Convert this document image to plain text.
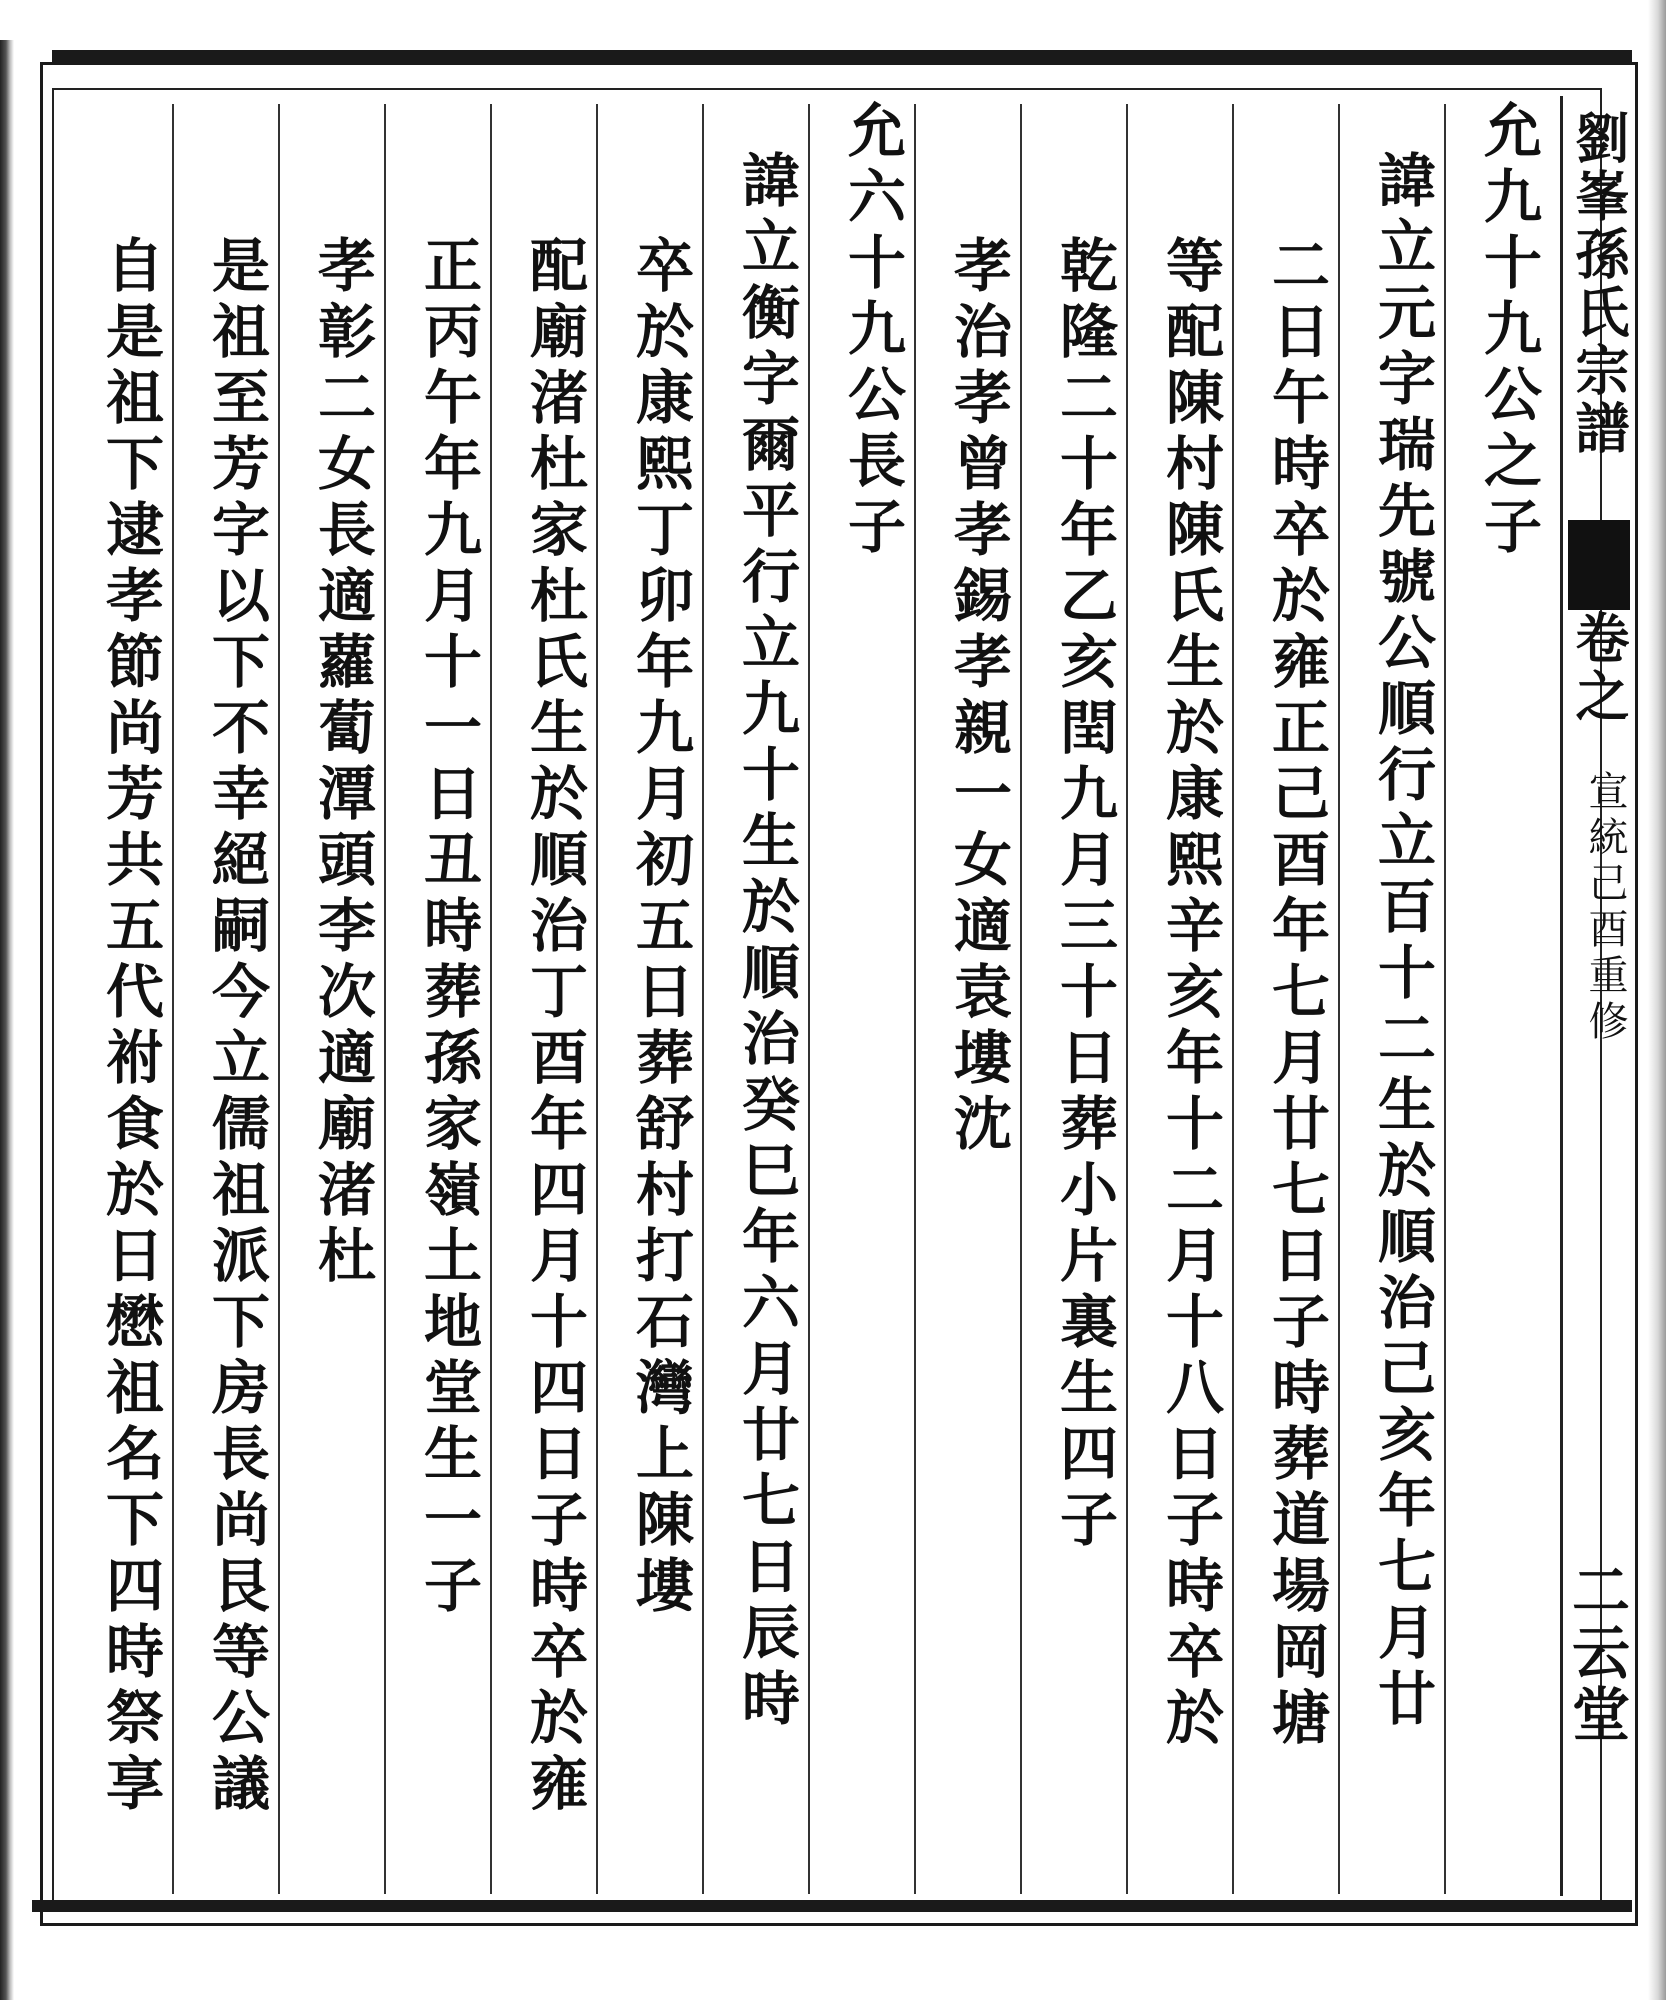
劉峯孫氏宗譜
卷之
宣統己酉重修
二云堂
允九十九公之子
諱立元字瑞先號公順行立百十二生於順治己亥年七月廿
二日午時卒於雍正己酉年七月廿七日子時葬道場岡塘
等配陳村陳氏生於康熙辛亥年十二月十八日子時卒於
乾隆二十年乙亥閏九月三十日葬小片裏生四子
孝治孝曾孝錫孝親一女適袁塿沈
允六十九公長子
諱立衡字爾平行立九十生於順治癸巳年六月廿七日辰時
卒於康熙丁卯年九月初五日葬舒村打石灣上陳塿
配廟渚杜家杜氏生於順治丁酉年四月十四日子時卒於雍
正丙午年九月十一日丑時葬孫家嶺土地堂生一子
孝彰二女長適蘿蔔潭頭李次適廟渚杜
是祖至芳字以下不幸絕嗣今立儒祖派下房長尚艮等公議
自是祖下逮孝節尚芳共五代祔食於日懋祖名下四時祭享
